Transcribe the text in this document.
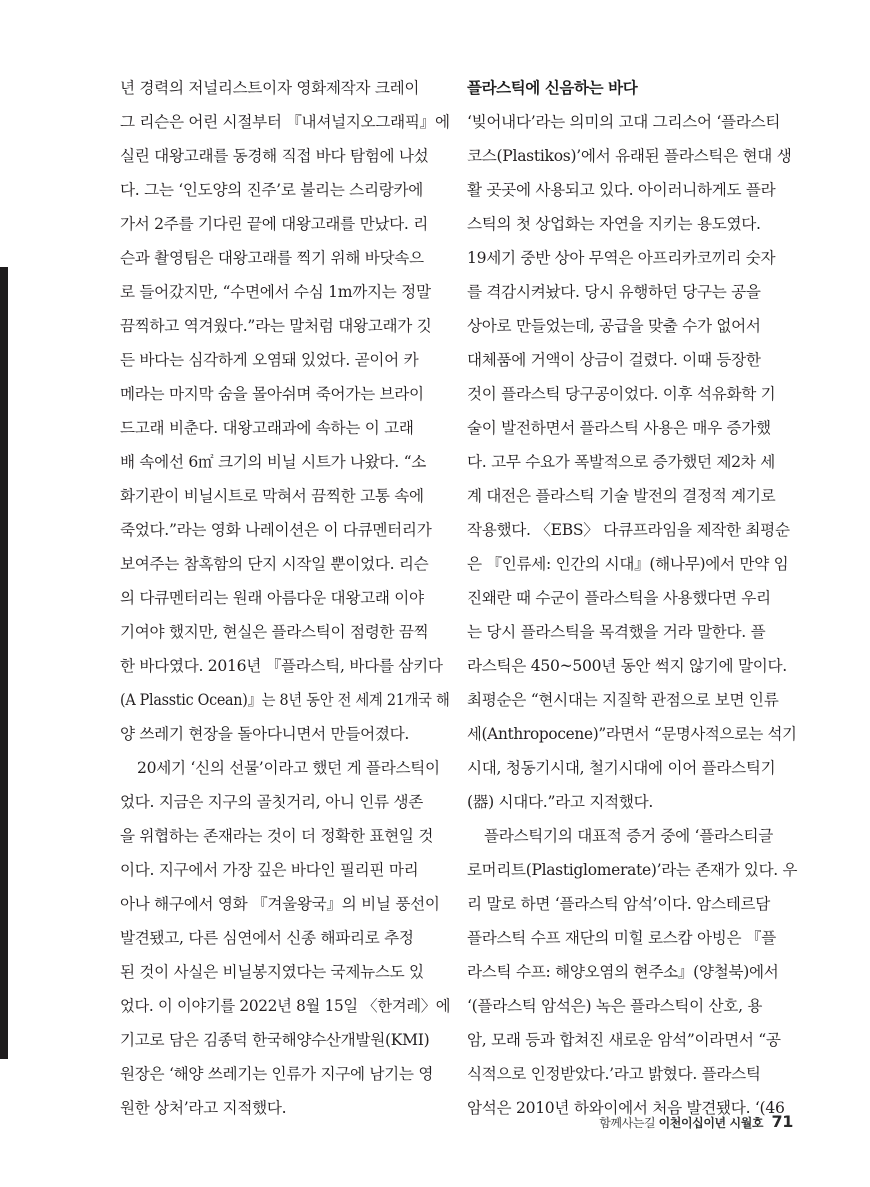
년 경력의 저널리스트이자 영화제작자 크레이
그 리슨은 어린 시절부터 『내셔널지오그래픽』에
실린 대왕고래를 동경해 직접 바다 탐험에 나섰
다. 그는 ‘인도양의 진주’로 불리는 스리랑카에
가서 2주를 기다린 끝에 대왕고래를 만났다. 리
슨과 촬영팀은 대왕고래를 찍기 위해 바닷속으
로 들어갔지만, “수면에서 수심 1m까지는 정말
끔찍하고 역겨웠다.”라는 말처럼 대왕고래가 깃
든 바다는 심각하게 오염돼 있었다. 곧이어 카
메라는 마지막 숨을 몰아쉬며 죽어가는 브라이
드고래 비춘다. 대왕고래과에 속하는 이 고래
배 속에선 6㎡ 크기의 비닐 시트가 나왔다. “소
화기관이 비닐시트로 막혀서 끔찍한 고통 속에
죽었다.”라는 영화 나레이션은 이 다큐멘터리가
보여주는 참혹함의 단지 시작일 뿐이었다. 리슨
의 다큐멘터리는 원래 아름다운 대왕고래 이야
기여야 했지만, 현실은 플라스틱이 점령한 끔찍
한 바다였다. 2016년 『플라스틱, 바다를 삼키다
(A Plasstic Ocean)』는 8년 동안 전 세계 21개국 해
양 쓰레기 현장을 돌아다니면서 만들어졌다.
20세기 ‘신의 선물’이라고 했던 게 플라스틱이
었다. 지금은 지구의 골칫거리, 아니 인류 생존
을 위협하는 존재라는 것이 더 정확한 표현일 것
이다. 지구에서 가장 깊은 바다인 필리핀 마리
아나 해구에서 영화 『겨울왕국』의 비닐 풍선이
발견됐고, 다른 심연에서 신종 해파리로 추정
된 것이 사실은 비닐봉지였다는 국제뉴스도 있
었다. 이 이야기를 2022년 8월 15일 〈한겨레〉에
기고로 담은 김종덕 한국해양수산개발원(KMI)
원장은 ‘해양 쓰레기는 인류가 지구에 남기는 영
원한 상처’라고 지적했다.
플라스틱에 신음하는 바다
‘빚어내다’라는 의미의 고대 그리스어 ‘플라스티
코스(Plastikos)’에서 유래된 플라스틱은 현대 생
활 곳곳에 사용되고 있다. 아이러니하게도 플라
스틱의 첫 상업화는 자연을 지키는 용도였다.
19세기 중반 상아 무역은 아프리카코끼리 숫자
를 격감시켜놨다. 당시 유행하던 당구는 공을
상아로 만들었는데, 공급을 맞출 수가 없어서
대체품에 거액이 상금이 걸렸다. 이때 등장한
것이 플라스틱 당구공이었다. 이후 석유화학 기
술이 발전하면서 플라스틱 사용은 매우 증가했
다. 고무 수요가 폭발적으로 증가했던 제2차 세
계 대전은 플라스틱 기술 발전의 결정적 계기로
작용했다. 〈EBS〉 다큐프라임을 제작한 최평순
은 『인류세: 인간의 시대』(해나무)에서 만약 임
진왜란 때 수군이 플라스틱을 사용했다면 우리
는 당시 플라스틱을 목격했을 거라 말한다. 플
라스틱은 450~500년 동안 썩지 않기에 말이다.
최평순은 “현시대는 지질학 관점으로 보면 인류
세(Anthropocene)”라면서 “문명사적으로는 석기
시대, 청동기시대, 철기시대에 이어 플라스틱기
(器) 시대다.”라고 지적했다.
플라스틱기의 대표적 증거 중에 ‘플라스티글
로머리트(Plastiglomerate)’라는 존재가 있다. 우
리 말로 하면 ‘플라스틱 암석’이다. 암스테르담
플라스틱 수프 재단의 미힐 로스캄 아빙은 『플
라스틱 수프: 해양오염의 현주소』(양철북)에서
‘(플라스틱 암석은) 녹은 플라스틱이 산호, 용
암, 모래 등과 합쳐진 새로운 암석”이라면서 “공
식적으로 인정받았다.’라고 밝혔다. 플라스틱
암석은 2010년 하와이에서 처음 발견됐다. ‘(46
함께사는길 이천이십이년 시월호 71
